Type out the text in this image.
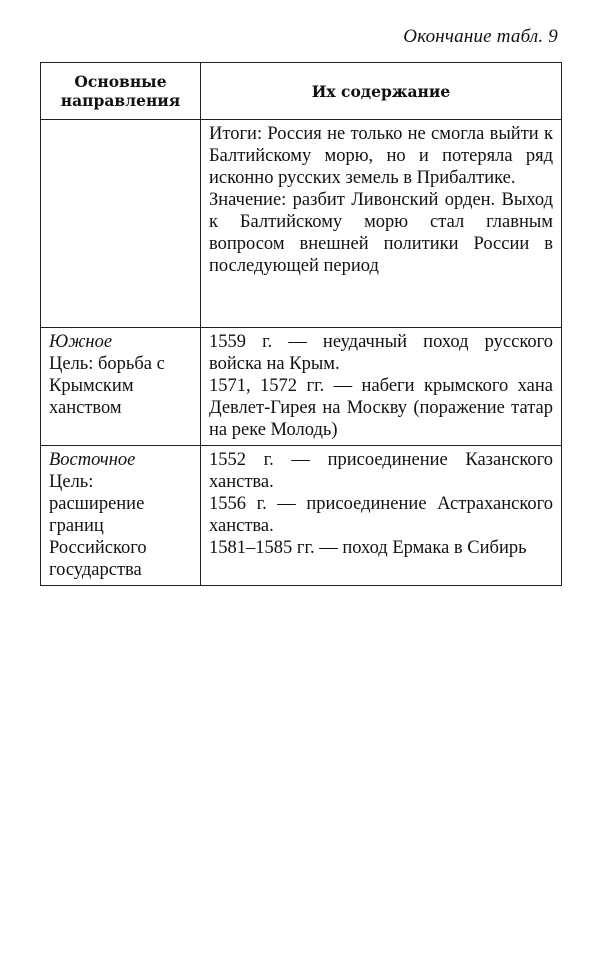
Окончание табл. 9
Основные направления	Их содержание

	Итоги: Россия не только не смогла выйти к Балтийскому морю, но и потеряла ряд исконно русских земель в Прибалтике.
Значение: разбит Ливонский орден. Выход к Балтийскому морю стал главным вопросом внешней политики России в последующей период

Южное
Цель: борьба с Крымским ханством	1559 г. — неудачный поход русского войска на Крым.
1571, 1572 гг. — набеги крымского хана Девлет-Гирея на Москву (поражение татар на реке Молодь)

Восточное
Цель: расширение границ Российского государства	1552 г. — присоединение Казанского ханства.
1556 г. — присоединение Астраханского ханства.
1581–1585 гг. — поход Ермака в Сибирь
